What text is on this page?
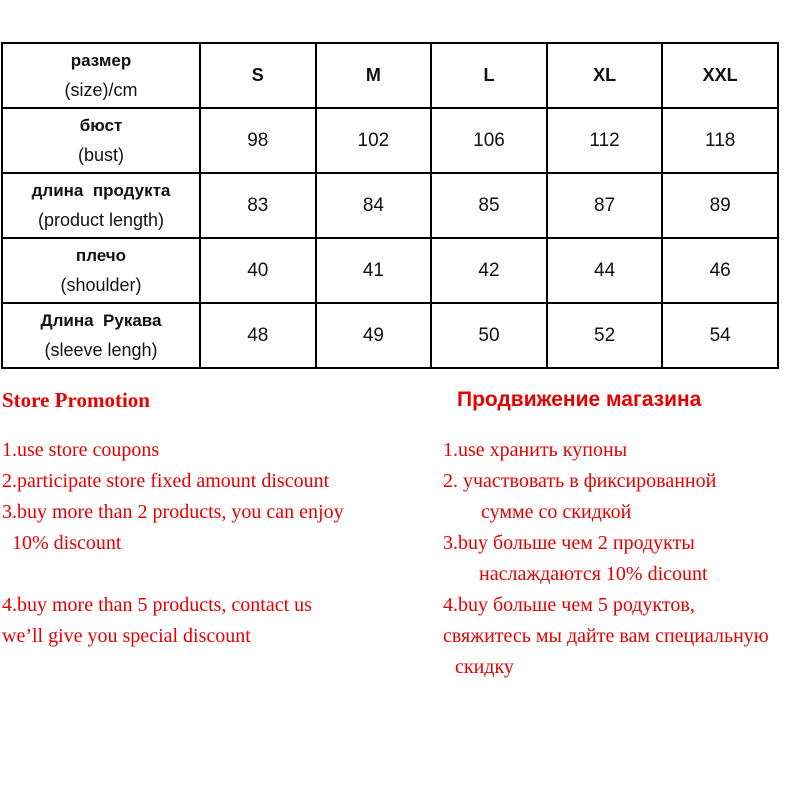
размер
(size)/cm	S	M	L	XL	XXL

бюст
(bust)	98	102	106	112	118

длина  продукта
(product length)	83	84	85	87	89

плечо
(shoulder)	40	41	42	44	46

Длина  Рукава
(sleeve lengh)	48	49	50	52	54
Store Promotion
1.use store coupons
2.participate store fixed amount discount
3.buy more than 2 products, you can enjoy
10% discount
4.buy more than 5 products, contact us
we’ll give you special discount
Продвижение магазина
1.use хранить купоны
2. участвовать в фиксированной
сумме со скидкой
3.buy больше чем 2 продукты
наслаждаются 10% dicount
4.buy больше чем 5 родуктов,
свяжитесь мы дайте вам специальную
скидку
